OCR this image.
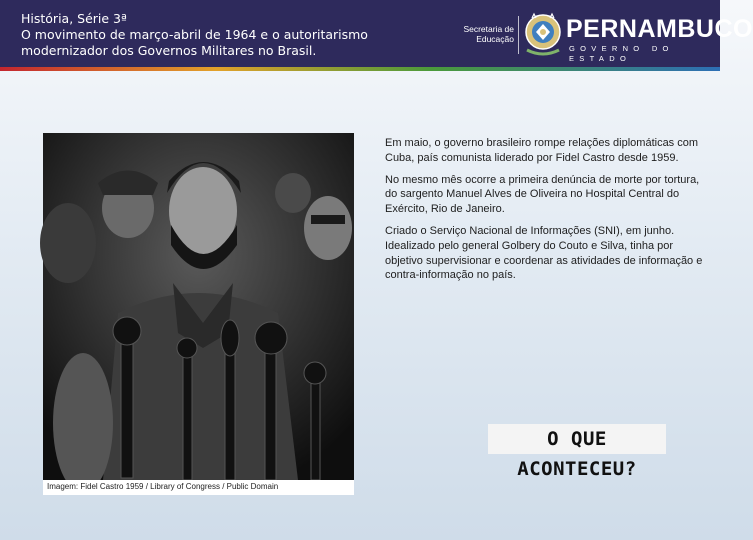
História, Série 3ª
O movimento de março-abril de 1964 e o autoritarismo
modernizador dos Governos Militares no Brasil.
Secretaria de
Educação PERNAMBUCO
GOVERNO DO ESTADO
Imagem: Fidel Castro 1959 / Library of Congress / Public Domain

Em maio, o governo brasileiro rompe relações diplomáticas com Cuba, país comunista liderado por Fidel Castro desde 1959.

No mesmo mês ocorre a primeira denúncia de morte por tortura, do sargento Manuel Alves de Oliveira no Hospital Central do Exército, Rio de Janeiro.

Criado o Serviço Nacional de Informações (SNI), em junho. Idealizado pelo general Golbery do Couto e Silva, tinha por objetivo supervisionar e coordenar as atividades de informação e contra-informação no país.

O QUE ACONTECEU?
